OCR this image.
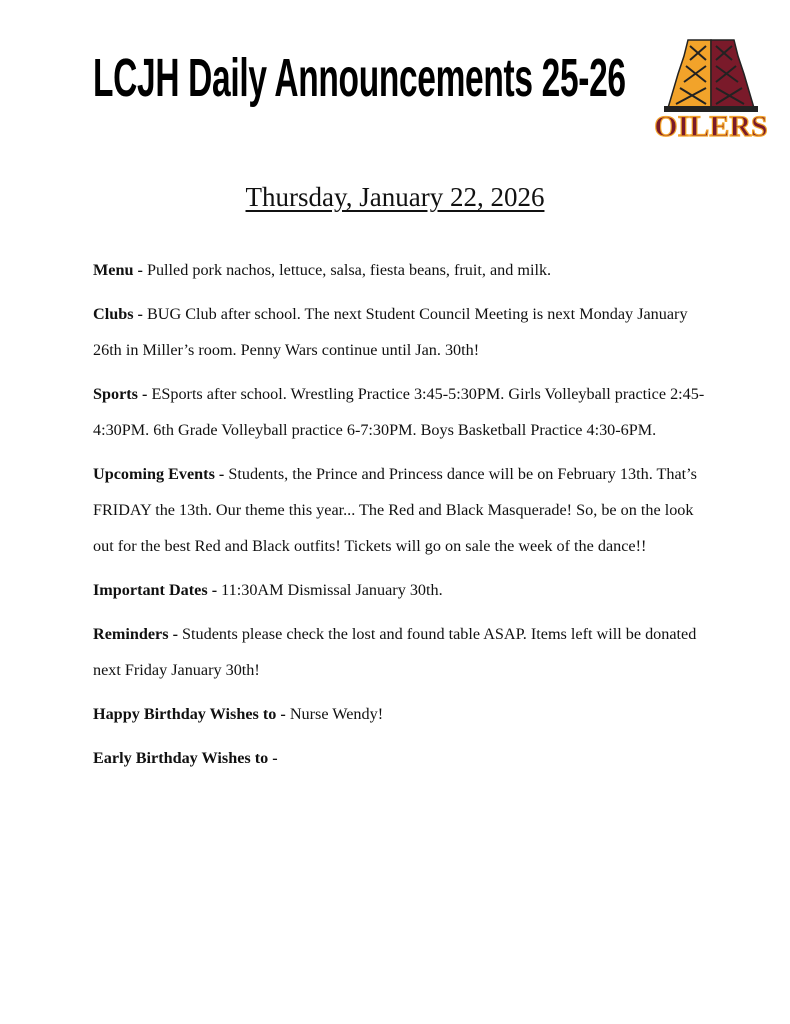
LCJH Daily Announcements 25-26
OILERS
Thursday, January 22, 2026

Menu - Pulled pork nachos, lettuce, salsa, fiesta beans, fruit, and milk.

Clubs - BUG Club after school. The next Student Council Meeting is next Monday January 26th in Miller’s room. Penny Wars continue until Jan. 30th!

Sports - ESports after school. Wrestling Practice 3:45-5:30PM. Girls Volleyball practice 2:45-4:30PM. 6th Grade Volleyball practice 6-7:30PM. Boys Basketball Practice 4:30-6PM.

Upcoming Events - Students, the Prince and Princess dance will be on February 13th. That’s FRIDAY the 13th. Our theme this year... The Red and Black Masquerade! So, be on the look out for the best Red and Black outfits! Tickets will go on sale the week of the dance!!

Important Dates - 11:30AM Dismissal January 30th.

Reminders - Students please check the lost and found table ASAP. Items left will be donated next Friday January 30th!

Happy Birthday Wishes to - Nurse Wendy!

Early Birthday Wishes to -
